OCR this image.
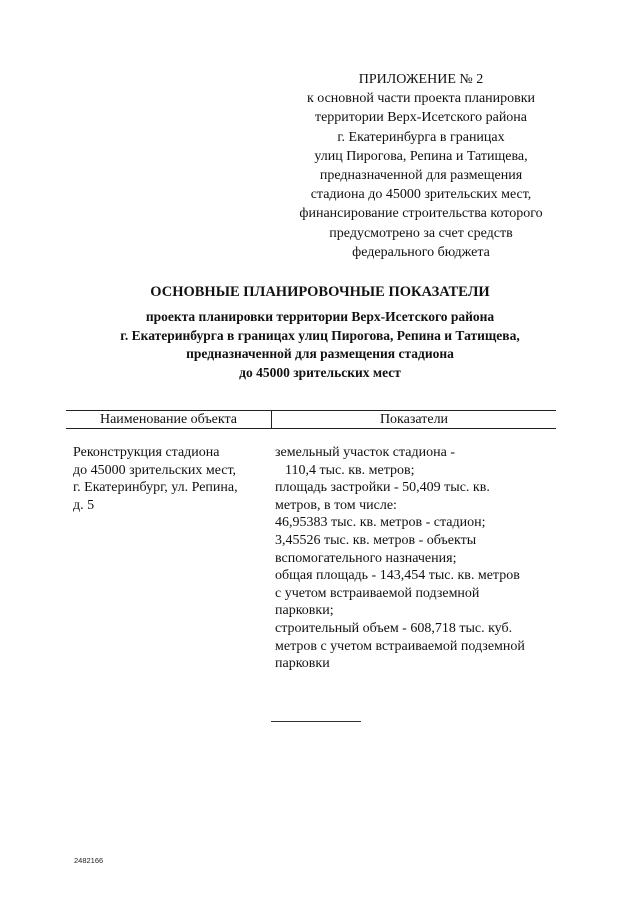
ПРИЛОЖЕНИЕ № 2
к основной части проекта планировки
территории Верх-Исетского района
г. Екатеринбурга в границах
улиц Пирогова, Репина и Татищева,
предназначенной для размещения
стадиона до 45000 зрительских мест,
финансирование строительства которого
предусмотрено за счет средств
федерального бюджета
ОСНОВНЫЕ ПЛАНИРОВОЧНЫЕ ПОКАЗАТЕЛИ
проекта планировки территории Верх-Исетского района
г. Екатеринбурга в границах улиц Пирогова, Репина и Татищева,
предназначенной для размещения стадиона
до 45000 зрительских мест
Наименование объекта	Показатели
Реконструкция стадиона
до 45000 зрительских мест,
г. Екатеринбург, ул. Репина,
д. 5
земельный участок стадиона -
110,4 тыс. кв. метров;
площадь застройки - 50,409 тыс. кв.
метров, в том числе:
46,95383 тыс. кв. метров - стадион;
3,45526 тыс. кв. метров - объекты
вспомогательного назначения;
общая площадь - 143,454 тыс. кв. метров
с учетом встраиваемой подземной
парковки;
строительный объем - 608,718 тыс. куб.
метров с учетом встраиваемой подземной
парковки
2482166
